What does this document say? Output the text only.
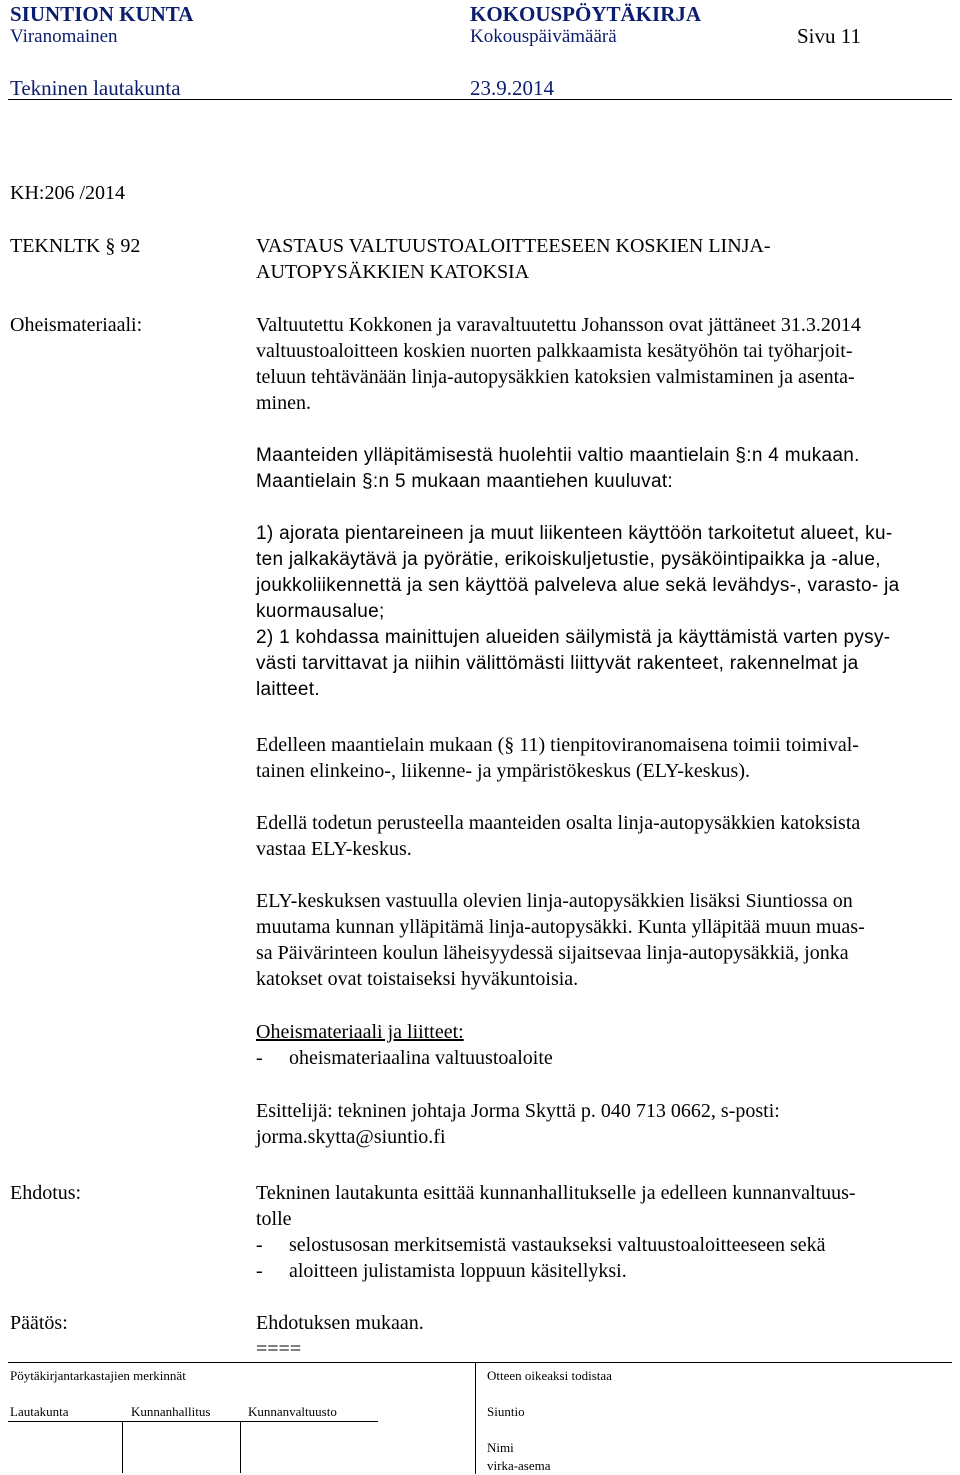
SIUNTION KUNTA	KOKOUSPÖYTÄKIRJA
Viranomainen	Kokouspäivämäärä	Sivu 11
Tekninen lautakunta	23.9.2014
KH:206 /2014
TEKNLTK § 92	VASTAUS VALTUUSTOALOITTEESEEN KOSKIEN LINJA-
AUTOPYSÄKKIEN KATOKSIA
Oheismateriaali:	Valtuutettu Kokkonen ja varavaltuutettu Johansson ovat jättäneet 31.3.2014
valtuustoaloitteen koskien nuorten palkkaamista kesätyöhön tai työharjoit-
teluun tehtävänään linja-autopysäkkien katoksien valmistaminen ja asenta-
minen.
Maanteiden ylläpitämisestä huolehtii valtio maantielain §:n 4 mukaan.
Maantielain §:n 5 mukaan maantiehen kuuluvat:
1) ajorata pientareineen ja muut liikenteen käyttöön tarkoitetut alueet, ku-
ten jalkakäytävä ja pyörätie, erikoiskuljetustie, pysäköintipaikka ja -alue,
joukkoliikennettä ja sen käyttöä palveleva alue sekä levähdys-, varasto- ja
kuormausalue;
2) 1 kohdassa mainittujen alueiden säilymistä ja käyttämistä varten pysy-
västi tarvittavat ja niihin välittömästi liittyvät rakenteet, rakennelmat ja
laitteet.
Edelleen maantielain mukaan (§ 11) tienpitoviranomaisena toimii toimival-
tainen elinkeino-, liikenne- ja ympäristökeskus (ELY-keskus).
Edellä todetun perusteella maanteiden osalta linja-autopysäkkien katoksista
vastaa ELY-keskus.
ELY-keskuksen vastuulla olevien linja-autopysäkkien lisäksi Siuntiossa on
muutama kunnan ylläpitämä linja-autopysäkki. Kunta ylläpitää muun muas-
sa Päivärinteen koulun läheisyydessä sijaitsevaa linja-autopysäkkiä, jonka
katokset ovat toistaiseksi hyväkuntoisia.
Oheismateriaali ja liitteet:
-	oheismateriaalina valtuustoaloite
Esittelijä: tekninen johtaja Jorma Skyttä p. 040 713 0662, s-posti:
jorma.skytta@siuntio.fi
Ehdotus:	Tekninen lautakunta esittää kunnanhallitukselle ja edelleen kunnanvaltuus-
tolle
-	selostusosan merkitsemistä vastaukseksi valtuustoaloitteeseen sekä
-	aloitteen julistamista loppuun käsitellyksi.
Päätös:	Ehdotuksen mukaan.
====
Pöytäkirjantarkastajien merkinnät	Otteen oikeaksi todistaa
Lautakunta	Kunnanhallitus	Kunnanvaltuusto	Siuntio
Nimi
virka-asema
